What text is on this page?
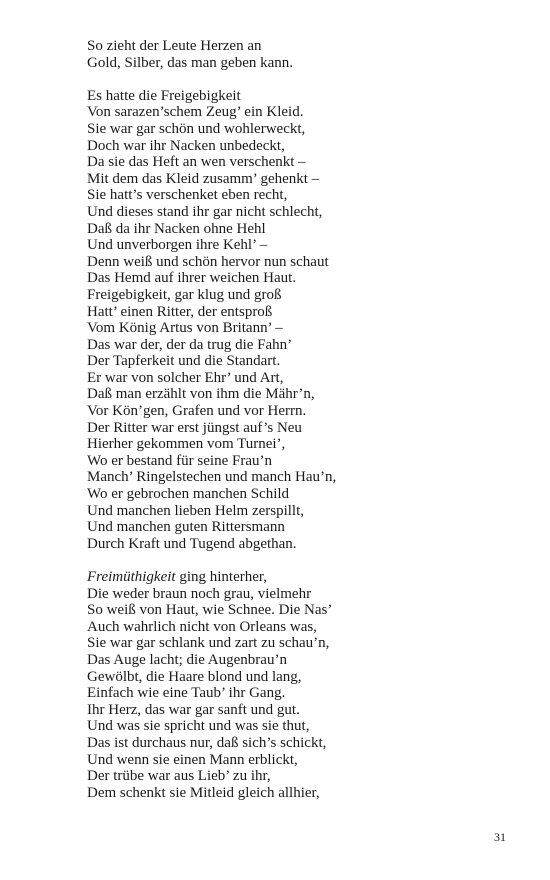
So zieht der Leute Herzen an
Gold, Silber, das man geben kann.
Es hatte die Freigebigkeit
Von sarazen’schem Zeug’ ein Kleid.
Sie war gar schön und wohlerweckt,
Doch war ihr Nacken unbedeckt,
Da sie das Heft an wen verschenkt –
Mit dem das Kleid zusamm’ gehenkt –
Sie hatt’s verschenket eben recht,
Und dieses stand ihr gar nicht schlecht,
Daß da ihr Nacken ohne Hehl
Und unverborgen ihre Kehl’ –
Denn weiß und schön hervor nun schaut
Das Hemd auf ihrer weichen Haut.
Freigebigkeit, gar klug und groß
Hatt’ einen Ritter, der entsproß
Vom König Artus von Britann’ –
Das war der, der da trug die Fahn’
Der Tapferkeit und die Standart.
Er war von solcher Ehr’ und Art,
Daß man erzählt von ihm die Mähr’n,
Vor Kön’gen, Grafen und vor Herrn.
Der Ritter war erst jüngst auf’s Neu
Hierher gekommen vom Turnei’,
Wo er bestand für seine Frau’n
Manch’ Ringelstechen und manch Hau’n,
Wo er gebrochen manchen Schild
Und manchen lieben Helm zerspillt,
Und manchen guten Rittersmann
Durch Kraft und Tugend abgethan.
Freimüthigkeit ging hinterher,
Die weder braun noch grau, vielmehr
So weiß von Haut, wie Schnee. Die Nas’
Auch wahrlich nicht von Orleans was,
Sie war gar schlank und zart zu schau’n,
Das Auge lacht; die Augenbrau’n
Gewölbt, die Haare blond und lang,
Einfach wie eine Taub’ ihr Gang.
Ihr Herz, das war gar sanft und gut.
Und was sie spricht und was sie thut,
Das ist durchaus nur, daß sich’s schickt,
Und wenn sie einen Mann erblickt,
Der trübe war aus Lieb’ zu ihr,
Dem schenkt sie Mitleid gleich allhier,
31
